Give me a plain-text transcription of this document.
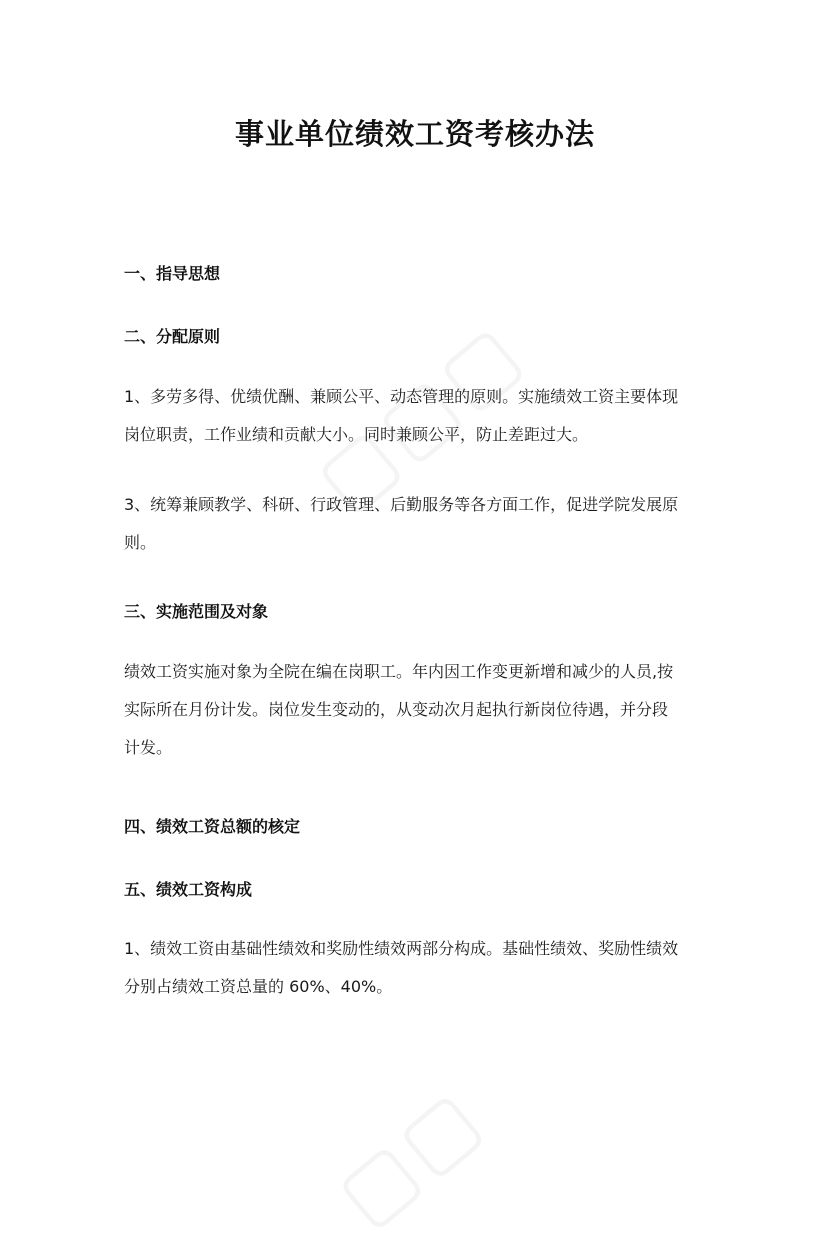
事业单位绩效工资考核办法
一、指导思想
二、分配原则
1、多劳多得、优绩优酬、兼顾公平、动态管理的原则。实施绩效工资主要体现
岗位职责，工作业绩和贡献大小。同时兼顾公平，防止差距过大。
3、统筹兼顾教学、科研、行政管理、后勤服务等各方面工作，促进学院发展原
则。
三、实施范围及对象
绩效工资实施对象为全院在编在岗职工。年内因工作变更新增和减少的人员,按
实际所在月份计发。岗位发生变动的，从变动次月起执行新岗位待遇，并分段
计发。
四、绩效工资总额的核定
五、绩效工资构成
1、绩效工资由基础性绩效和奖励性绩效两部分构成。基础性绩效、奖励性绩效
分别占绩效工资总量的 60%、40%。
